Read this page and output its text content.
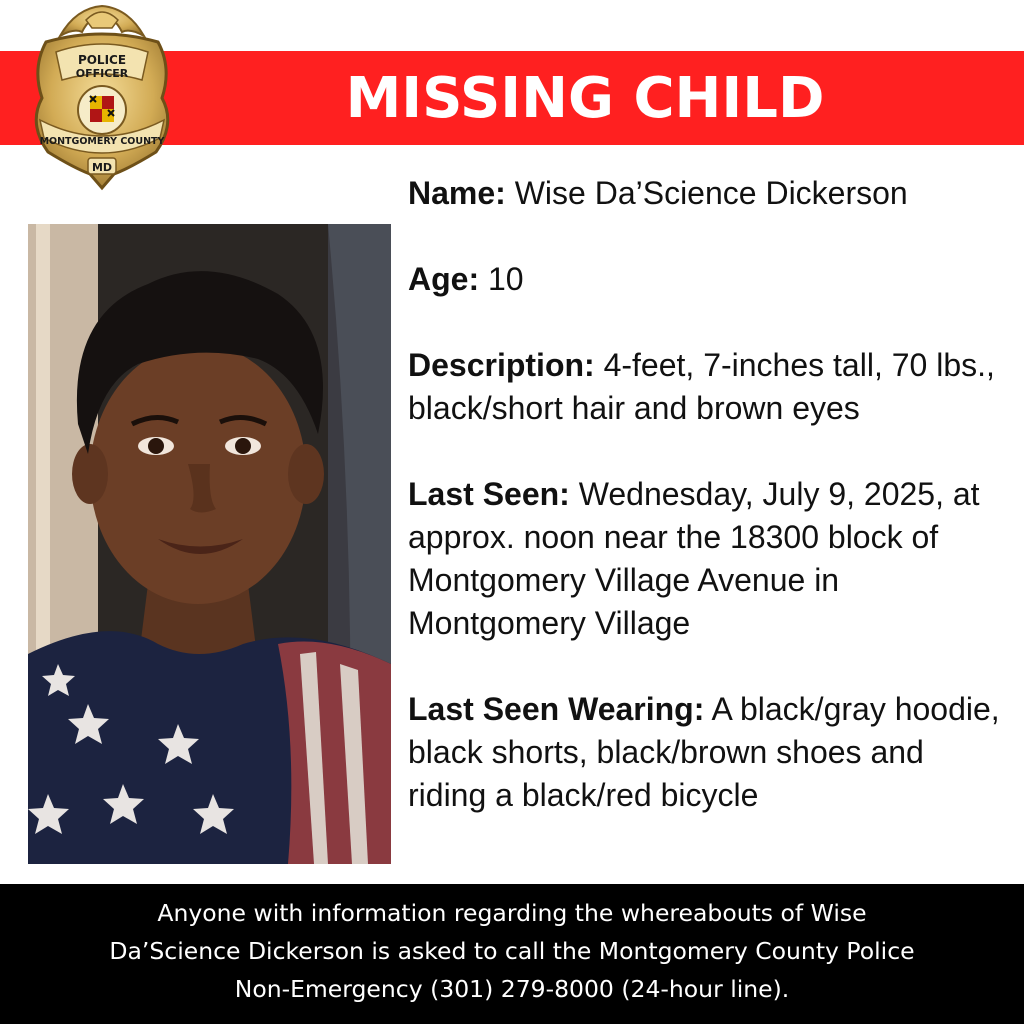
MISSING CHILD
POLICE
OFFICER
MONTGOMERY COUNTY
MD
Name: Wise Da’Science Dickerson
Age: 10
Description: 4-feet, 7-inches tall, 70 lbs., black/short hair and brown eyes
Last Seen: Wednesday, July 9, 2025, at approx. noon near the 18300 block of Montgomery Village Avenue in Montgomery Village
Last Seen Wearing: A black/gray hoodie, black shorts, black/brown shoes and riding a black/red bicycle
Anyone with information regarding the whereabouts of Wise
Da’Science Dickerson is asked to call the Montgomery County Police
Non-Emergency (301) 279-8000 (24-hour line).
